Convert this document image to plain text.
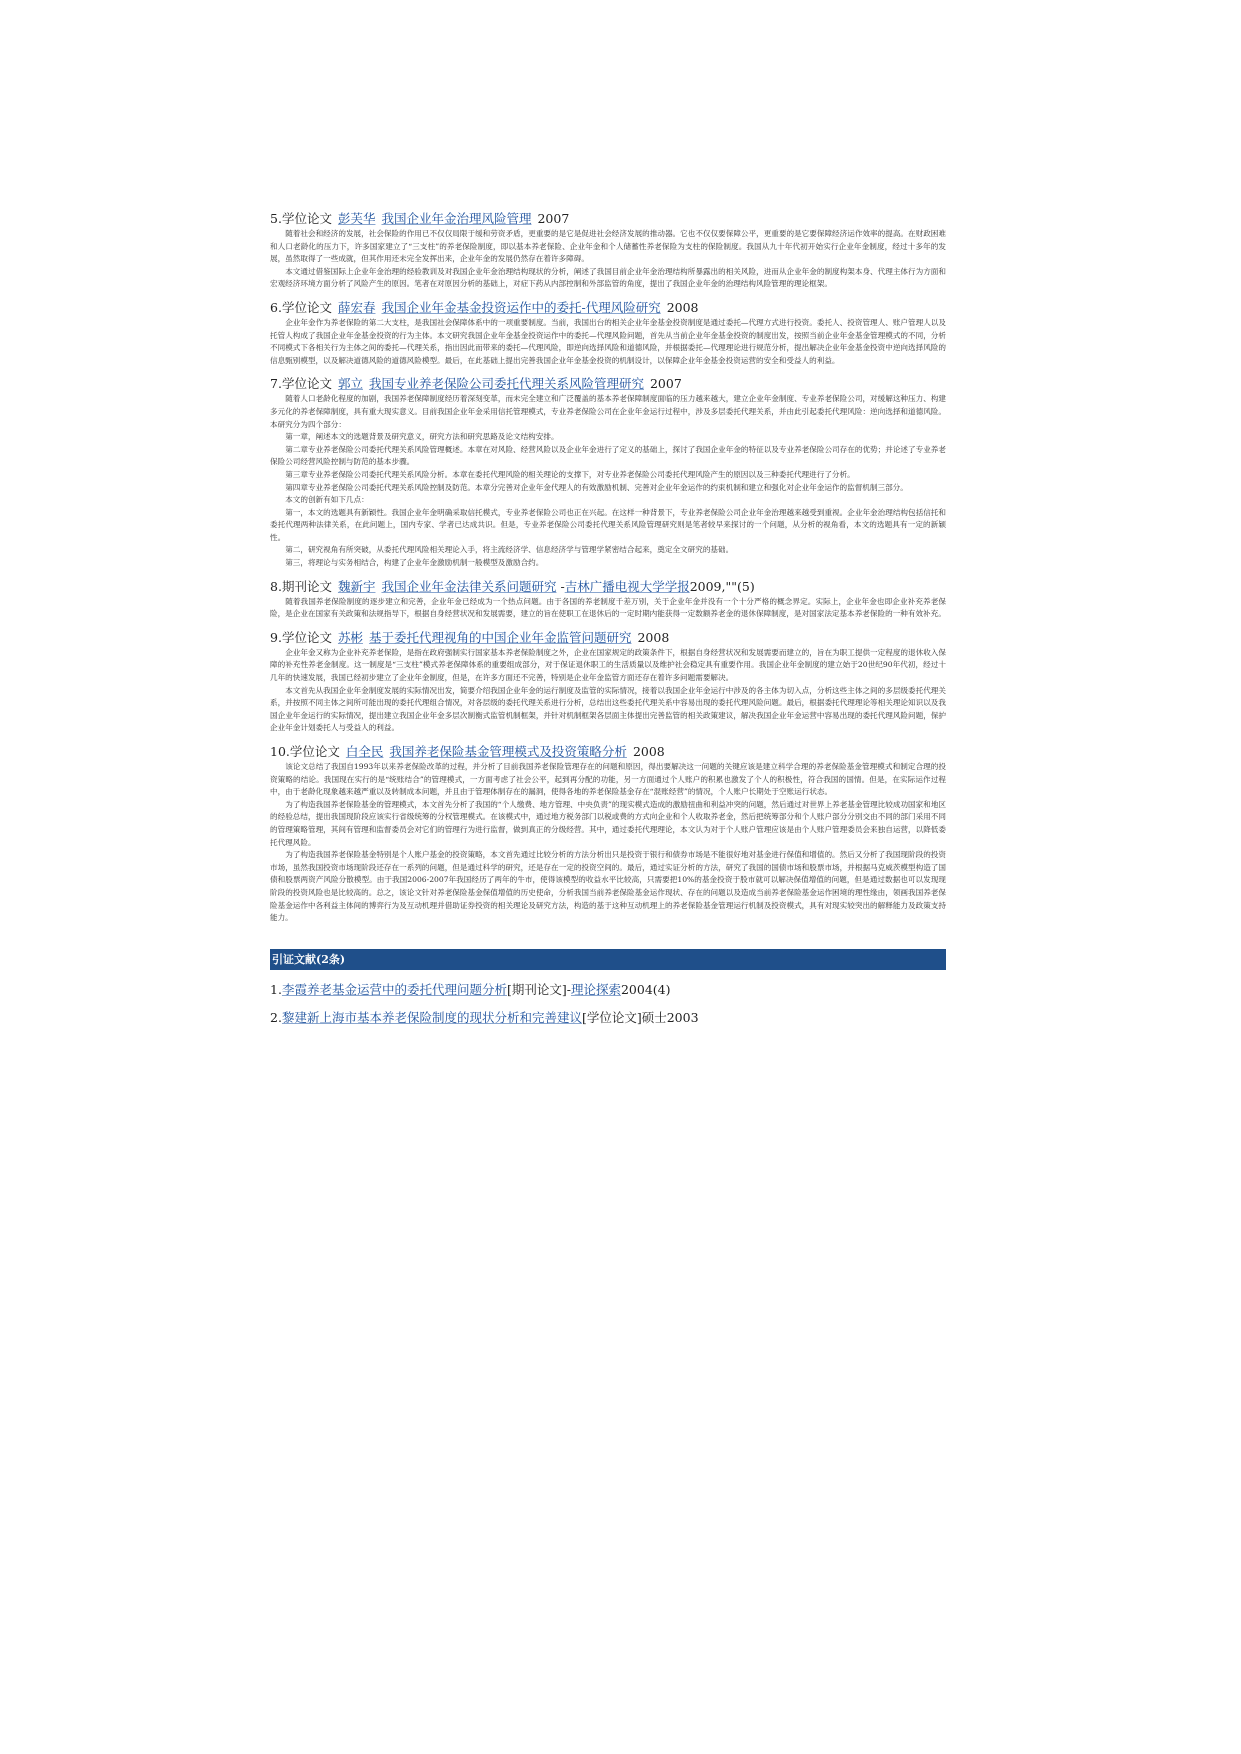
5.学位论文 彭芙华 我国企业年金治理风险管理 2007

随着社会和经济的发展，社会保险的作用已不仅仅局限于缓和劳资矛盾，更重要的是它是促进社会经济发展的推动器。它也不仅仅要保障公平，更重要的是它要保障经济运作效率的提高。在财政困难和人口老龄化的压力下，许多国家建立了“三支柱”的养老保险制度，即以基本养老保险、企业年金和个人储蓄性养老保险为支柱的保险制度。我国从九十年代初开始实行企业年金制度，经过十多年的发展，虽然取得了一些成就，但其作用还未完全发挥出来，企业年金的发展仍然存在着许多障碍。

本文通过借鉴国际上企业年金治理的经验教训及对我国企业年金治理结构现状的分析，阐述了我国目前企业年金治理结构所暴露出的相关风险，进而从企业年金的制度构架本身、代理主体行为方面和宏观经济环境方面分析了风险产生的原因。笔者在对原因分析的基础上，对症下药从内部控制和外部监管的角度，提出了我国企业年金的治理结构风险管理的理论框架。

6.学位论文 薛宏春 我国企业年金基金投资运作中的委托-代理风险研究 2008

企业年金作为养老保险的第二大支柱，是我国社会保障体系中的一项重要制度。当前，我国出台的相关企业年金基金投资制度是通过委托—代理方式进行投资。委托人、投资管理人、账户管理人以及托管人构成了我国企业年金基金投资的行为主体。本文研究我国企业年金基金投资运作中的委托—代理风险问题，首先从当前企业年金基金投资的制度出发，按照当前企业年金基金管理模式的不同，分析不同模式下各相关行为主体之间的委托—代理关系，指出因此而带来的委托—代理风险，即逆向选择风险和道德风险，并根据委托—代理理论进行规范分析，提出解决企业年金基金投资中逆向选择风险的信息甄别模型，以及解决道德风险的道德风险模型。最后，在此基础上提出完善我国企业年金基金投资的机制设计，以保障企业年金基金投资运营的安全和受益人的利益。

7.学位论文 郭立 我国专业养老保险公司委托代理关系风险管理研究 2007

随着人口老龄化程度的加剧，我国养老保障制度经历着深刻变革，而未完全建立和广泛覆盖的基本养老保障制度面临的压力越来越大，建立企业年金制度、专业养老保险公司，对缓解这种压力、构建多元化的养老保障制度，具有重大现实意义。目前我国企业年金采用信托管理模式，专业养老保险公司在企业年金运行过程中，涉及多层委托代理关系，并由此引起委托代理风险：逆向选择和道德风险。本研究分为四个部分：

第一章，阐述本文的选题背景及研究意义，研究方法和研究思路及论文结构安排。

第二章专业养老保险公司委托代理关系风险管理概述。本章在对风险、经营风险以及企业年金进行了定义的基础上，探讨了我国企业年金的特征以及专业养老保险公司存在的优势；并论述了专业养老保险公司经营风险控制与防范的基本步骤。

第三章专业养老保险公司委托代理关系风险分析。本章在委托代理风险的相关理论的支撑下，对专业养老保险公司委托代理风险产生的原因以及三种委托代理进行了分析。

第四章专业养老保险公司委托代理关系风险控制及防范。本章分完善对企业年金代理人的有效激励机制、完善对企业年金运作的约束机制和建立和强化对企业年金运作的监督机制三部分。

本文的创新有如下几点：

第一，本文的选题具有新颖性。我国企业年金明确采取信托模式，专业养老保险公司也正在兴起。在这样一种背景下，专业养老保险公司企业年金治理越来越受到重视。企业年金治理结构包括信托和委托代理两种法律关系，在此问题上，国内专家、学者已达成共识。但是，专业养老保险公司委托代理关系风险管理研究则是笔者较早来探讨的一个问题，从分析的视角看，本文的选题具有一定的新颖性。

第二，研究视角有所突破，从委托代理风险相关理论入手，将主流经济学、信息经济学与管理学紧密结合起来，奠定全文研究的基础。

第三，将理论与实务相结合，构建了企业年金激励机制一般模型及激励合约。

8.期刊论文 魏新宇 我国企业年金法律关系问题研究 -吉林广播电视大学学报2009,""(5)

随着我国养老保险制度的逐步建立和完善，企业年金已经成为一个热点问题。由于各国的养老制度千差万别，关于企业年金并没有一个十分严格的概念界定。实际上，企业年金也即企业补充养老保险，是企业在国家有关政策和法规指导下，根据自身经营状况和发展需要，建立的旨在使职工在退休后的一定时期内能获得一定数额养老金的退休保障制度，是对国家法定基本养老保险的一种有效补充。

9.学位论文 苏彬 基于委托代理视角的中国企业年金监管问题研究 2008

企业年金又称为企业补充养老保险，是指在政府强制实行国家基本养老保险制度之外，企业在国家规定的政策条件下，根据自身经营状况和发展需要而建立的，旨在为职工提供一定程度的退休收入保障的补充性养老金制度。这一制度是“三支柱”模式养老保障体系的重要组成部分，对于保证退休职工的生活质量以及维护社会稳定具有重要作用。我国企业年金制度的建立始于20世纪90年代初，经过十几年的快速发展，我国已经初步建立了企业年金制度，但是，在许多方面还不完善，特别是企业年金监管方面还存在着许多问题需要解决。

本文首先从我国企业年金制度发展的实际情况出发，简要介绍我国企业年金的运行制度及监管的实际情况，接着以我国企业年金运行中涉及的各主体为切入点，分析这些主体之间的多层级委托代理关系，并按照不同主体之间所可能出现的委托代理组合情况，对各层级的委托代理关系进行分析，总结出这些委托代理关系中容易出现的委托代理风险问题。最后，根据委托代理理论等相关理论知识以及我国企业年金运行的实际情况，提出建立我国企业年金多层次制衡式监管机制框架，并针对机制框架各层面主体提出完善监管的相关政策建议，解决我国企业年金运营中容易出现的委托代理风险问题，保护企业年金计划委托人与受益人的利益。

10.学位论文 白全民 我国养老保险基金管理模式及投资策略分析 2008

该论文总结了我国自1993年以来养老保险改革的过程，并分析了目前我国养老保险管理存在的问题和原因，得出要解决这一问题的关键应该是建立科学合理的养老保险基金管理模式和制定合理的投资策略的结论。我国现在实行的是“统账结合”的管理模式，一方面考虑了社会公平，起到再分配的功能，另一方面通过个人账户的积累也激发了个人的积极性，符合我国的国情。但是，在实际运作过程中，由于老龄化现象越来越严重以及转制成本问题，并且由于管理体制存在的漏洞，使得各地的养老保险基金存在“混账经营”的情况，个人账户长期处于空账运行状态。

为了构造我国养老保险基金的管理模式，本文首先分析了我国的“个人缴费、地方管理、中央负责”的现实模式造成的激励扭曲和利益冲突的问题，然后通过对世界上养老基金管理比较成功国家和地区的经验总结，提出我国现阶段应该实行省级统筹的分权管理模式。在该模式中，通过地方税务部门以税或费的方式向企业和个人收取养老金，然后把统筹部分和个人账户部分分别交由不同的部门采用不同的管理策略管理，其间有管理和监督委员会对它们的管理行为进行监督，做到真正的分级经营。其中，通过委托代理理论，本文认为对于个人账户管理应该是由个人账户管理委员会来独自运营，以降低委托代理风险。

为了构造我国养老保险基金特别是个人账户基金的投资策略，本文首先通过比较分析的方法分析出只是投资于银行和债券市场是不能很好地对基金进行保值和增值的。然后又分析了我国现阶段的投资市场，虽然我国投资市场现阶段还存在一系列的问题，但是通过科学的研究，还是存在一定的投资空间的。最后，通过实证分析的方法，研究了我国的国债市场和股票市场，并根据马克威茨模型构造了国债和股票两资产风险分散模型。由于我国2006-2007年我国经历了两年的牛市，使得该模型的收益水平比较高，只需要把10%的基金投资于股市就可以解决保值增值的问题，但是通过数据也可以发现现阶段的投资风险也是比较高的。总之，该论文针对养老保险基金保值增值的历史使命，分析我国当前养老保险基金运作现状、存在的问题以及造成当前养老保险基金运作困境的理性缘由，领画我国养老保险基金运作中各利益主体间的博弈行为及互动机理并借助证券投资的相关理论及研究方法，构造的基于这种互动机理上的养老保险基金管理运行机制及投资模式，具有对现实较突出的解释能力及政策支持能力。

引证文献(2条)
1.李霞养老基金运营中的委托代理问题分析[期刊论文]-理论探索2004(4)
2.黎建新上海市基本养老保险制度的现状分析和完善建议[学位论文]硕士2003
